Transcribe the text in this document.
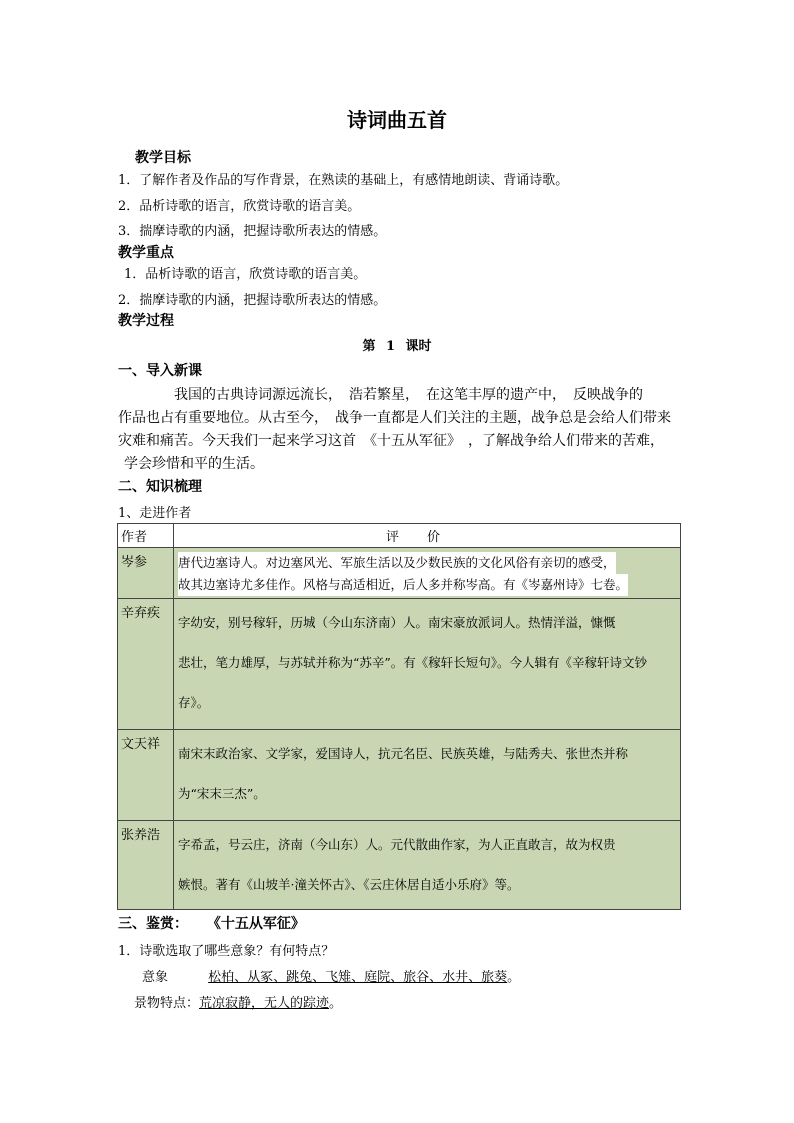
诗词曲五首
教学目标
1．了解作者及作品的写作背景，在熟读的基础上，有感情地朗读、背诵诗歌。
2．品析诗歌的语言，欣赏诗歌的语言美。
3．揣摩诗歌的内涵，把握诗歌所表达的情感。
教学重点
1．品析诗歌的语言，欣赏诗歌的语言美。
2．揣摩诗歌的内涵，把握诗歌所表达的情感。
教学过程
第 1 课时
一、导入新课
我国的古典诗词源远流长，　浩若繁星，　在这笔丰厚的遗产中，　反映战争的
作品也占有重要地位。从古至今，　战争一直都是人们关注的主题，战争总是会给人们带来
灾难和痛苦。今天我们一起来学习这首　《十五从军征》　，了解战争给人们带来的苦难，
学会珍惜和平的生活。
二、知识梳理
1、走进作者
作者	评价
岑参	唐代边塞诗人。对边塞风光、军旅生活以及少数民族的文化风俗有亲切的感受，
故其边塞诗尤多佳作。风格与高适相近，后人多并称岑高。有《岑嘉州诗》七卷。
辛弃疾	字幼安，别号稼轩，历城（今山东济南）人。南宋豪放派词人。热情洋溢，慷慨
悲壮，笔力雄厚，与苏轼并称为“苏辛”。有《稼轩长短句》。今人辑有《辛稼轩诗文钞
存》。

文天祥	南宋末政治家、文学家，爱国诗人，抗元名臣、民族英雄，与陆秀夫、张世杰并称
为“宋末三杰”。

张养浩	字希孟，号云庄，济南（今山东）人。元代散曲作家，为人正直敢言，故为权贵
嫉恨。著有《山坡羊·潼关怀古》、《云庄休居自适小乐府》等。
三、鉴赏： 《十五从军征》
1．诗歌选取了哪些意象？有何特点？
意象	松柏、从冢、跳兔、飞雉、庭院、旅谷、水井、旅葵。
景物特点：荒凉寂静，无人的踪迹。
